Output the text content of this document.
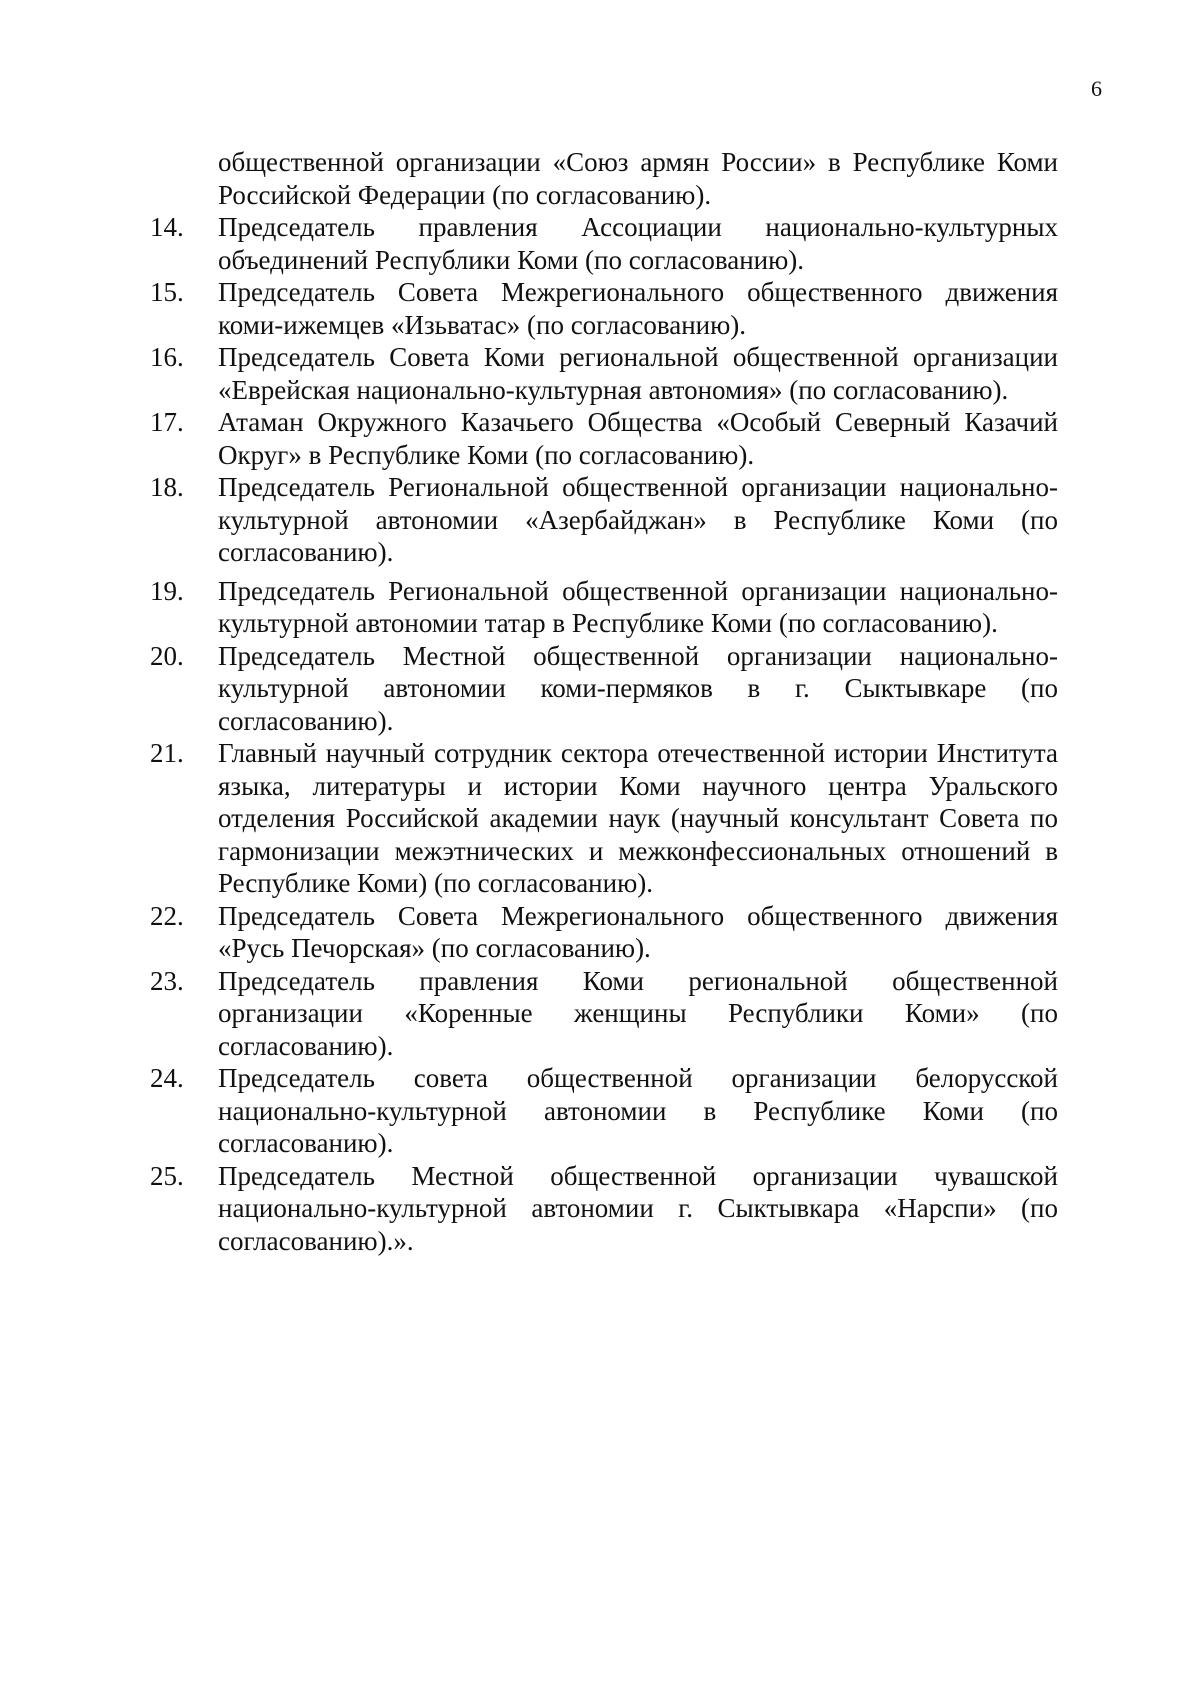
6
общественной организации «Союз армян России» в Республике Коми Российской Федерации (по согласованию).
14.	Председатель правления Ассоциации национально-культурных объединений Республики Коми (по согласованию).
15.	Председатель Совета Межрегионального общественного движения коми-ижемцев «Изьватас» (по согласованию).
16.	Председатель Совета Коми региональной общественной организации «Еврейская национально-культурная автономия» (по согласованию).
17.	Атаман Окружного Казачьего Общества «Особый Северный Казачий Округ» в Республике Коми (по согласованию).
18.	Председатель Региональной общественной организации национально-культурной автономии «Азербайджан» в Республике Коми (по согласованию).
19.	Председатель Региональной общественной организации национально-культурной автономии татар в Республике Коми (по согласованию).
20.	Председатель Местной общественной организации национально-культурной автономии коми-пермяков в г. Сыктывкаре (по согласованию).
21.	Главный научный сотрудник сектора отечественной истории Института языка, литературы и истории Коми научного центра Уральского отделения Российской академии наук (научный консультант Совета по гармонизации межэтнических и межконфессиональных отношений в Республике Коми) (по согласованию).
22.	Председатель Совета Межрегионального общественного движения «Русь Печорская» (по согласованию).
23.	Председатель правления Коми региональной общественной организации «Коренные женщины Республики Коми» (по согласованию).
24.	Председатель совета общественной организации белорусской национально-культурной автономии в Республике Коми (по согласованию).
25.	Председатель Местной общественной организации чувашской национально-культурной автономии г. Сыктывкара «Нарспи» (по согласованию).».
